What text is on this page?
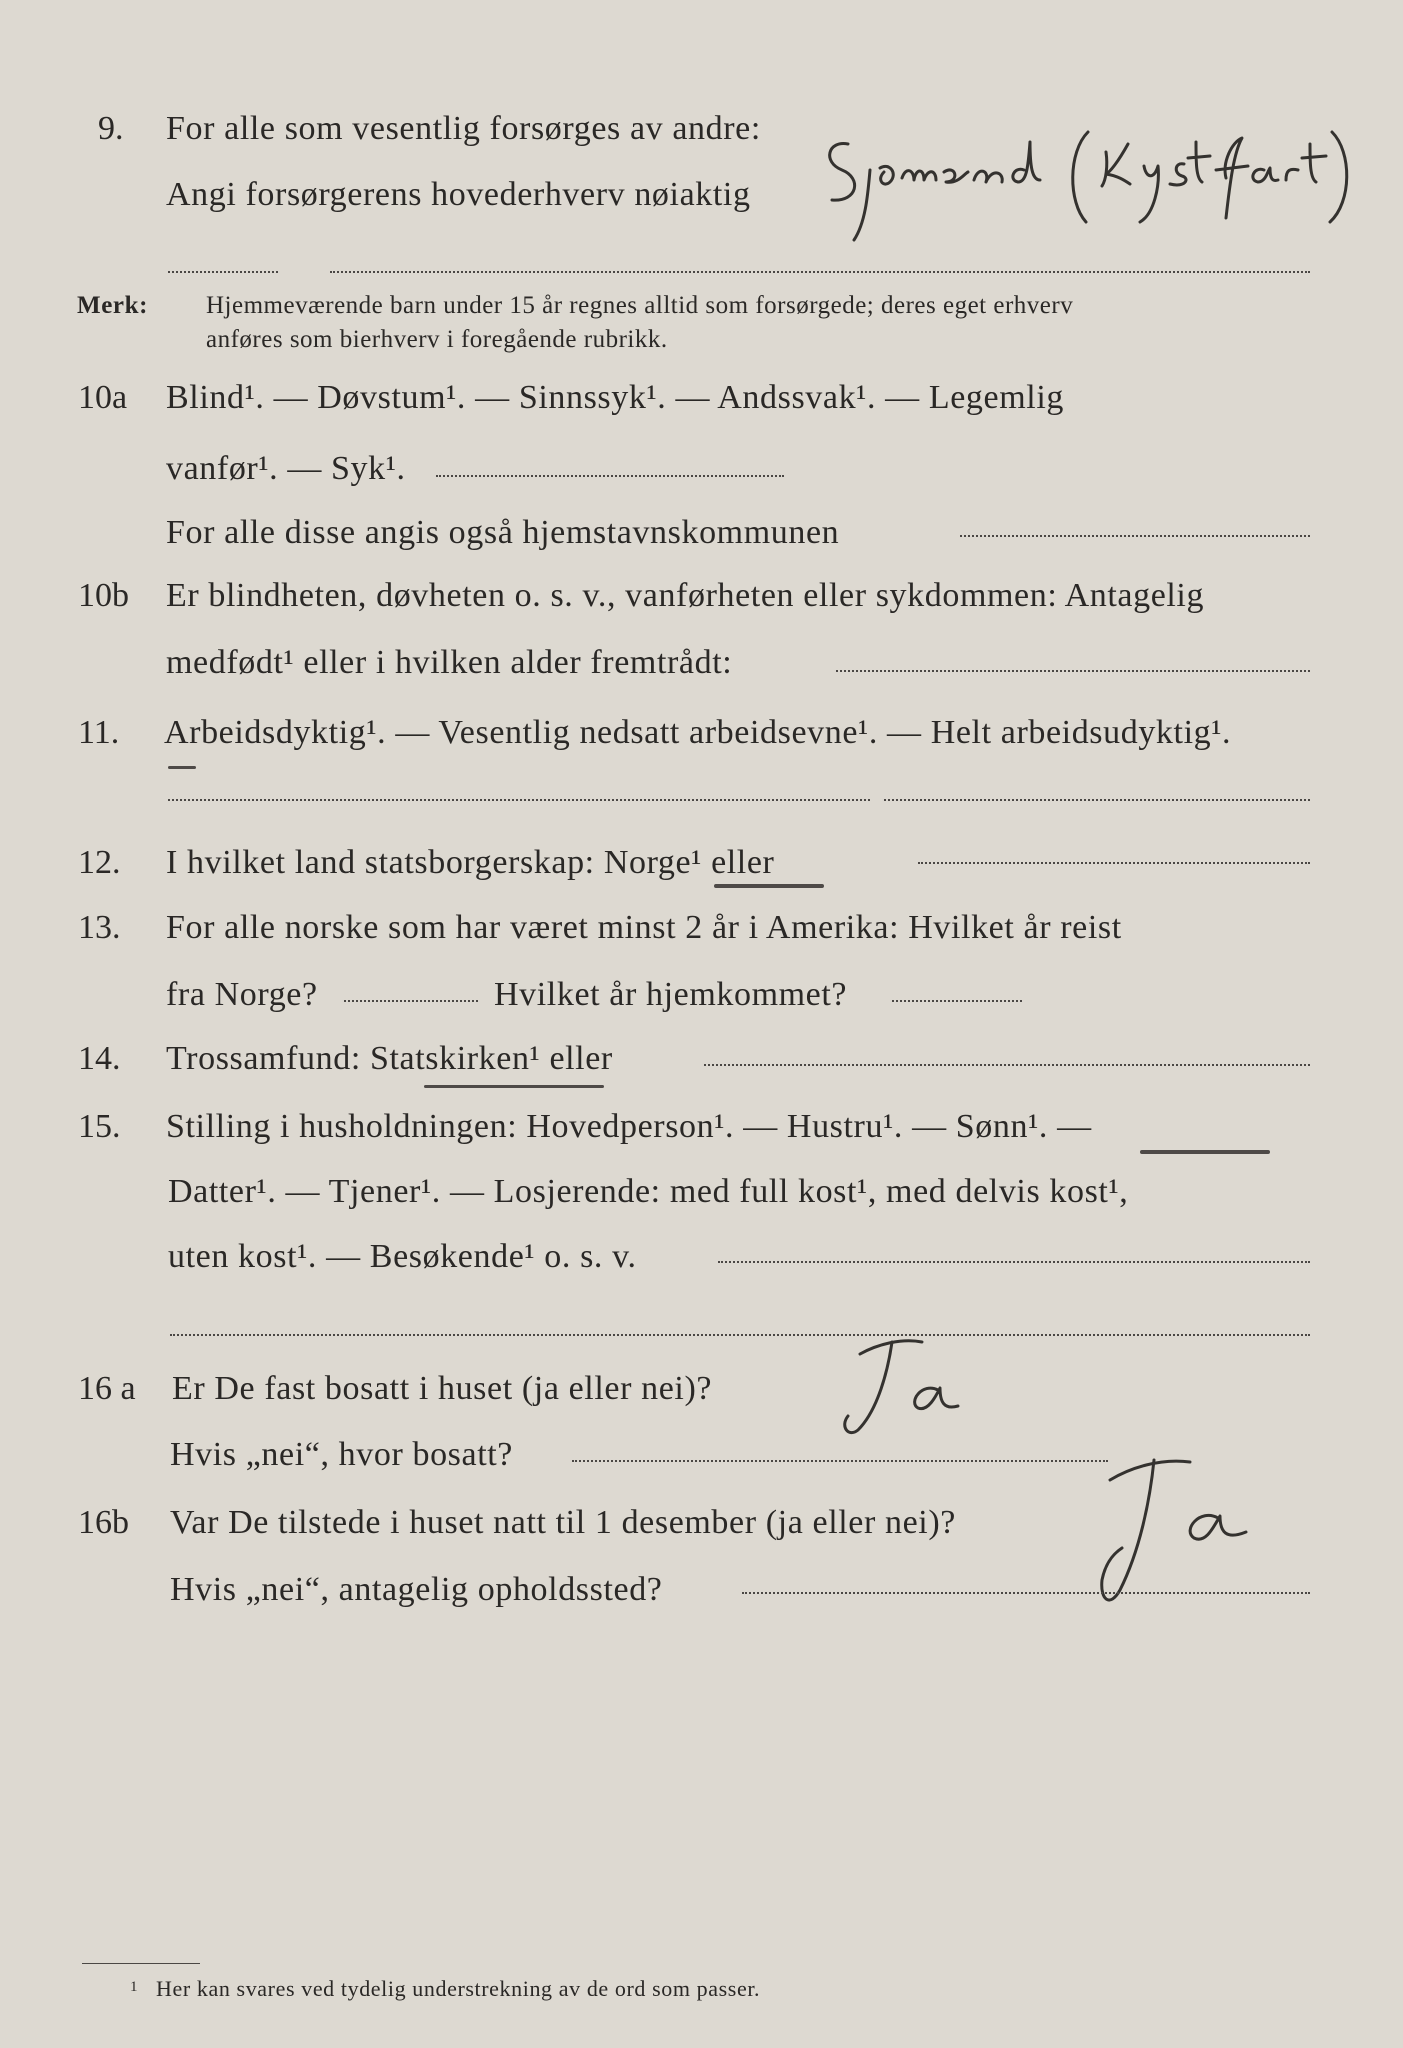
9. For alle som vesentlig forsørges av andre:
Angi forsørgerens hovederhverv nøiaktig
Merk: Hjemmeværende barn under 15 år regnes alltid som forsørgede; deres eget erhverv
anføres som bierhverv i foregående rubrikk.
10a Blind¹. — Døvstum¹. — Sinnssyk¹. — Andssvak¹. — Legemlig
vanfør¹. — Syk¹.
For alle disse angis også hjemstavnskommunen
10b Er blindheten, døvheten o. s. v., vanførheten eller sykdommen: Antagelig
medfødt¹ eller i hvilken alder fremtrådt:
11. Arbeidsdyktig¹. — Vesentlig nedsatt arbeidsevne¹. — Helt arbeidsudyktig¹.
12. I hvilket land statsborgerskap: Norge¹ eller
13. For alle norske som har været minst 2 år i Amerika: Hvilket år reist
fra Norge?	Hvilket år hjemkommet?
14. Trossamfund: Statskirken¹ eller
15. Stilling i husholdningen: Hovedperson¹. — Hustru¹. — Sønn¹. —
Datter¹. — Tjener¹. — Losjerende: med full kost¹, med delvis kost¹,
uten kost¹. — Besøkende¹ o. s. v.
16 a Er De fast bosatt i huset (ja eller nei)?
Hvis „nei“, hvor bosatt?
16b Var De tilstede i huset natt til 1 desember (ja eller nei)?
Hvis „nei“, antagelig opholdssted?
1 Her kan svares ved tydelig understrekning av de ord som passer.
